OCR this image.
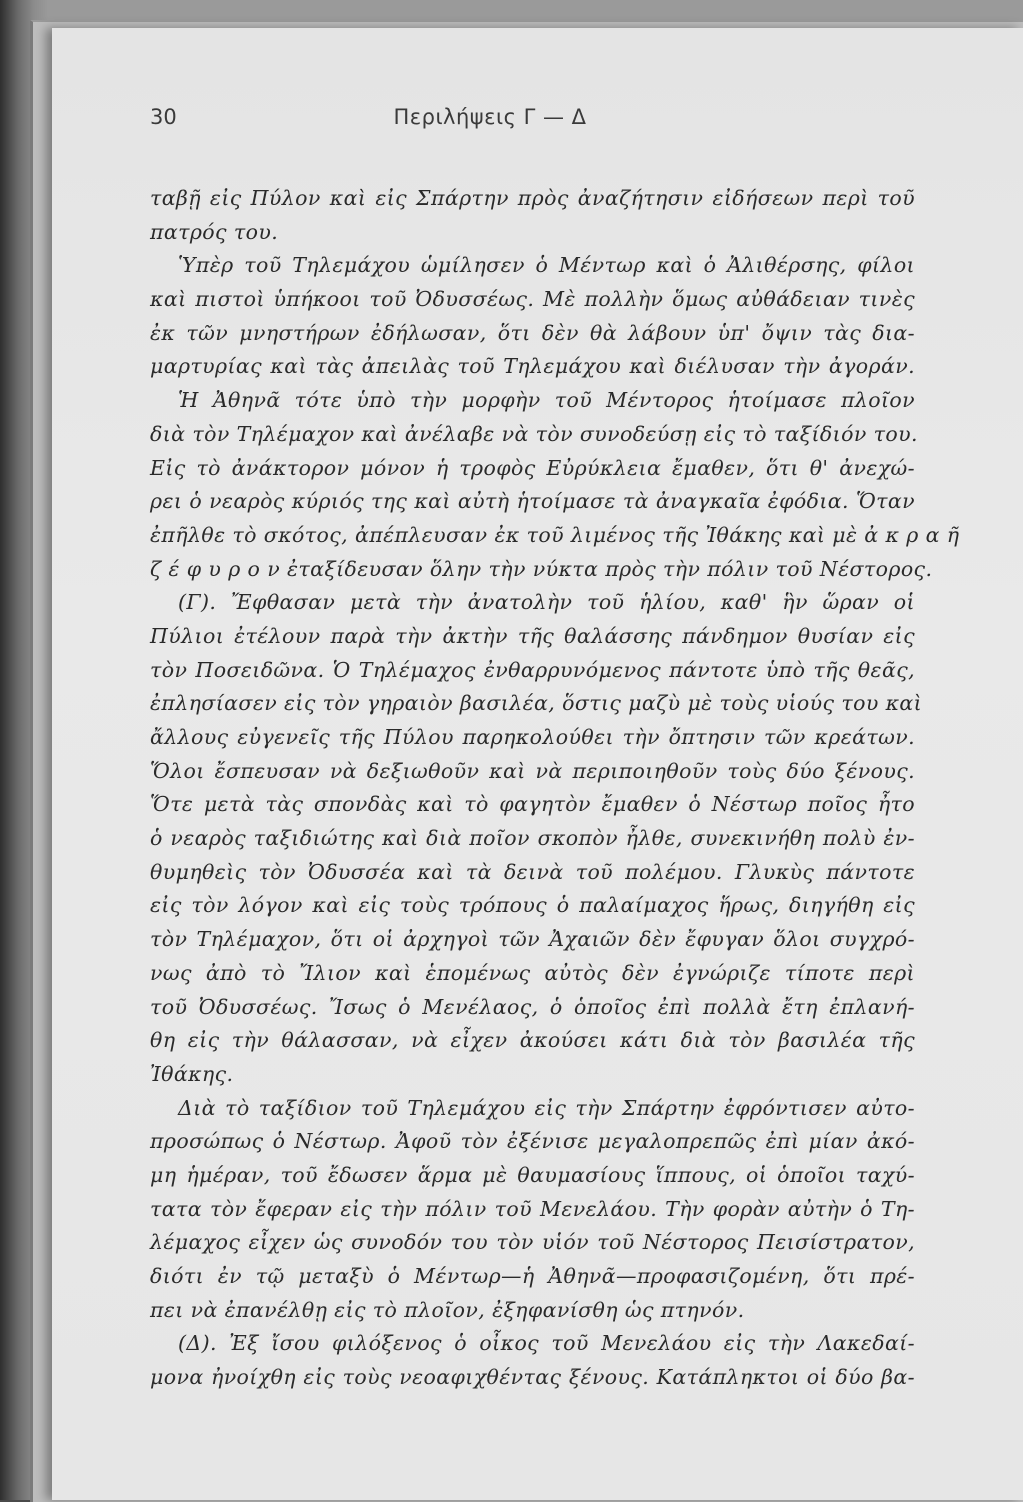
30	Περιλήψεις Γ — Δ
ταβῇ εἰς Πύλον καὶ εἰς Σπάρτην πρὸς ἀναζήτησιν εἰδήσεων περὶ τοῦ
πατρός του.
Ὑπὲρ τοῦ Τηλεμάχου ὡμίλησεν ὁ Μέντωρ καὶ ὁ Ἀλιθέρσης, φίλοι
καὶ πιστοὶ ὑπήκοοι τοῦ Ὀδυσσέως. Μὲ πολλὴν ὅμως αὐθάδειαν τινὲς
ἐκ τῶν μνηστήρων ἐδήλωσαν, ὅτι δὲν θὰ λάβουν ὑπ' ὄψιν τὰς δια-
μαρτυρίας καὶ τὰς ἀπειλὰς τοῦ Τηλεμάχου καὶ διέλυσαν τὴν ἀγοράν.
Ἡ Ἀθηνᾶ τότε ὑπὸ τὴν μορφὴν τοῦ Μέντορος ἡτοίμασε πλοῖον
διὰ τὸν Τηλέμαχον καὶ ἀνέλαβε νὰ τὸν συνοδεύσῃ εἰς τὸ ταξίδιόν του.
Εἰς τὸ ἀνάκτορον μόνον ἡ τροφὸς Εὐρύκλεια ἔμαθεν, ὅτι θ' ἀνεχώ-
ρει ὁ νεαρὸς κύριός της καὶ αὐτὴ ἡτοίμασε τὰ ἀναγκαῖα ἐφόδια. Ὅταν
ἐπῆλθε τὸ σκότος, ἀπέπλευσαν ἐκ τοῦ λιμένος τῆς Ἰθάκης καὶ μὲ ἀ κ ρ α ῆ
ζ έ φ υ ρ ο ν ἐταξίδευσαν ὅλην τὴν νύκτα πρὸς τὴν πόλιν τοῦ Νέστορος.
(Γ). Ἔφθασαν μετὰ τὴν ἀνατολὴν τοῦ ἡλίου, καθ' ἣν ὥραν οἱ
Πύλιοι ἐτέλουν παρὰ τὴν ἀκτὴν τῆς θαλάσσης πάνδημον θυσίαν εἰς
τὸν Ποσειδῶνα. Ὁ Τηλέμαχος ἐνθαρρυνόμενος πάντοτε ὑπὸ τῆς θεᾶς,
ἐπλησίασεν εἰς τὸν γηραιὸν βασιλέα, ὅστις μαζὺ μὲ τοὺς υἱούς του καὶ
ἄλλους εὐγενεῖς τῆς Πύλου παρηκολούθει τὴν ὄπτησιν τῶν κρεάτων.
Ὅλοι ἔσπευσαν νὰ δεξιωθοῦν καὶ νὰ περιποιηθοῦν τοὺς δύο ξένους.
Ὅτε μετὰ τὰς σπονδὰς καὶ τὸ φαγητὸν ἔμαθεν ὁ Νέστωρ ποῖος ἦτο
ὁ νεαρὸς ταξιδιώτης καὶ διὰ ποῖον σκοπὸν ἦλθε, συνεκινήθη πολὺ ἐν-
θυμηθεὶς τὸν Ὀδυσσέα καὶ τὰ δεινὰ τοῦ πολέμου. Γλυκὺς πάντοτε
εἰς τὸν λόγον καὶ εἰς τοὺς τρόπους ὁ παλαίμαχος ἥρως, διηγήθη εἰς
τὸν Τηλέμαχον, ὅτι οἱ ἀρχηγοὶ τῶν Ἀχαιῶν δὲν ἔφυγαν ὅλοι συγχρό-
νως ἀπὸ τὸ Ἴλιον καὶ ἑπομένως αὐτὸς δὲν ἐγνώριζε τίποτε περὶ
τοῦ Ὀδυσσέως. Ἴσως ὁ Μενέλαος, ὁ ὁποῖος ἐπὶ πολλὰ ἔτη ἐπλανή-
θη εἰς τὴν θάλασσαν, νὰ εἶχεν ἀκούσει κάτι διὰ τὸν βασιλέα τῆς
Ἰθάκης.
Διὰ τὸ ταξίδιον τοῦ Τηλεμάχου εἰς τὴν Σπάρτην ἐφρόντισεν αὐτο-
προσώπως ὁ Νέστωρ. Ἀφοῦ τὸν ἐξένισε μεγαλοπρεπῶς ἐπὶ μίαν ἀκό-
μη ἡμέραν, τοῦ ἔδωσεν ἅρμα μὲ θαυμασίους ἵππους, οἱ ὁποῖοι ταχύ-
τατα τὸν ἔφεραν εἰς τὴν πόλιν τοῦ Μενελάου. Τὴν φορὰν αὐτὴν ὁ Τη-
λέμαχος εἶχεν ὡς συνοδόν του τὸν υἱόν τοῦ Νέστορος Πεισίστρατον,
διότι ἐν τῷ μεταξὺ ὁ Μέντωρ—ἡ Ἀθηνᾶ—προφασιζομένη, ὅτι πρέ-
πει νὰ ἐπανέλθῃ εἰς τὸ πλοῖον, ἐξηφανίσθη ὡς πτηνόν.
(Δ). Ἐξ ἴσου φιλόξενος ὁ οἶκος τοῦ Μενελάου εἰς τὴν Λακεδαί-
μονα ἠνοίχθη εἰς τοὺς νεοαφιχθέντας ξένους. Κατάπληκτοι οἱ δύο βα-
